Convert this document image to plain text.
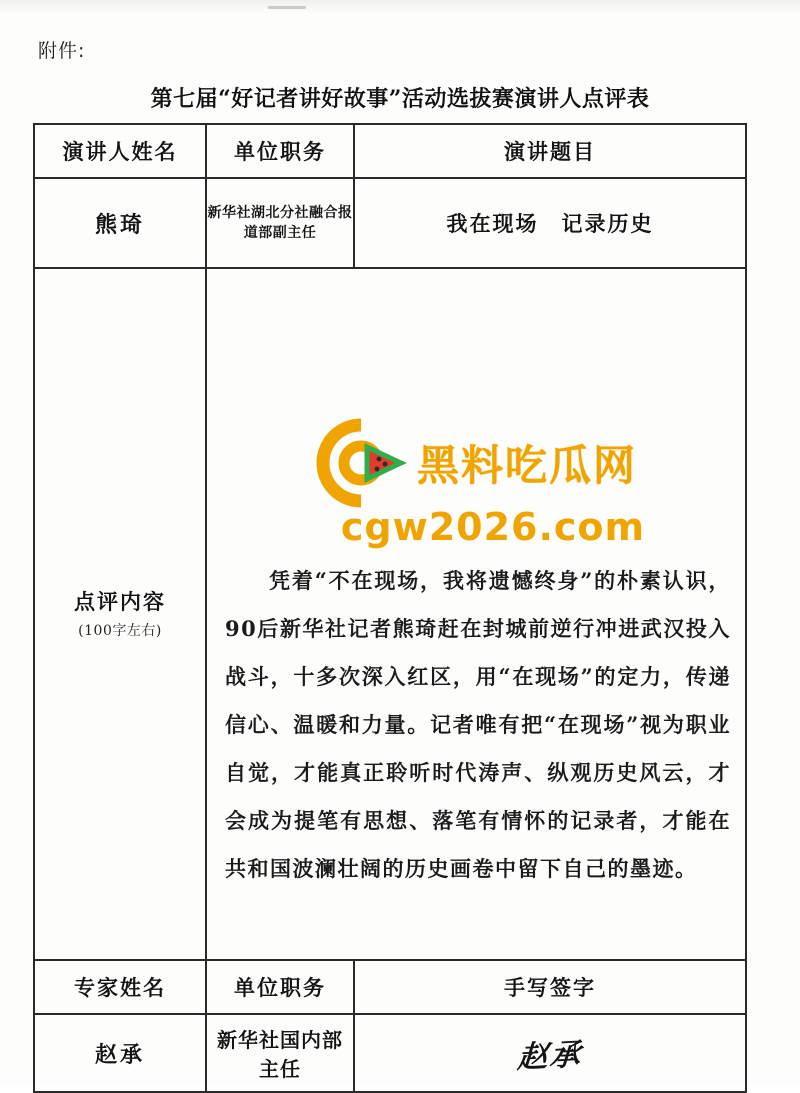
附件:
第七届“好记者讲好故事”活动选拔赛演讲人点评表
演讲人姓名	单位职务	演讲题目
熊琦	新华社湖北分社融合报道部副主任	我在现场　记录历史

点评内容
(100字左右)

黑料吃瓜网
cgw2026.com
凭着“不在现场，我将遗憾终身”的朴素认识，90后新华社记者熊琦赶在封城前逆行冲进武汉投入战斗，十多次深入红区，用“在现场”的定力，传递信心、温暖和力量。记者唯有把“在现场”视为职业自觉，才能真正聆听时代涛声、纵观历史风云，才会成为提笔有思想、落笔有情怀的记录者，才能在共和国波澜壮阔的历史画卷中留下自己的墨迹。

专家姓名	单位职务	手写签字
赵承	新华社国内部主任	赵承
